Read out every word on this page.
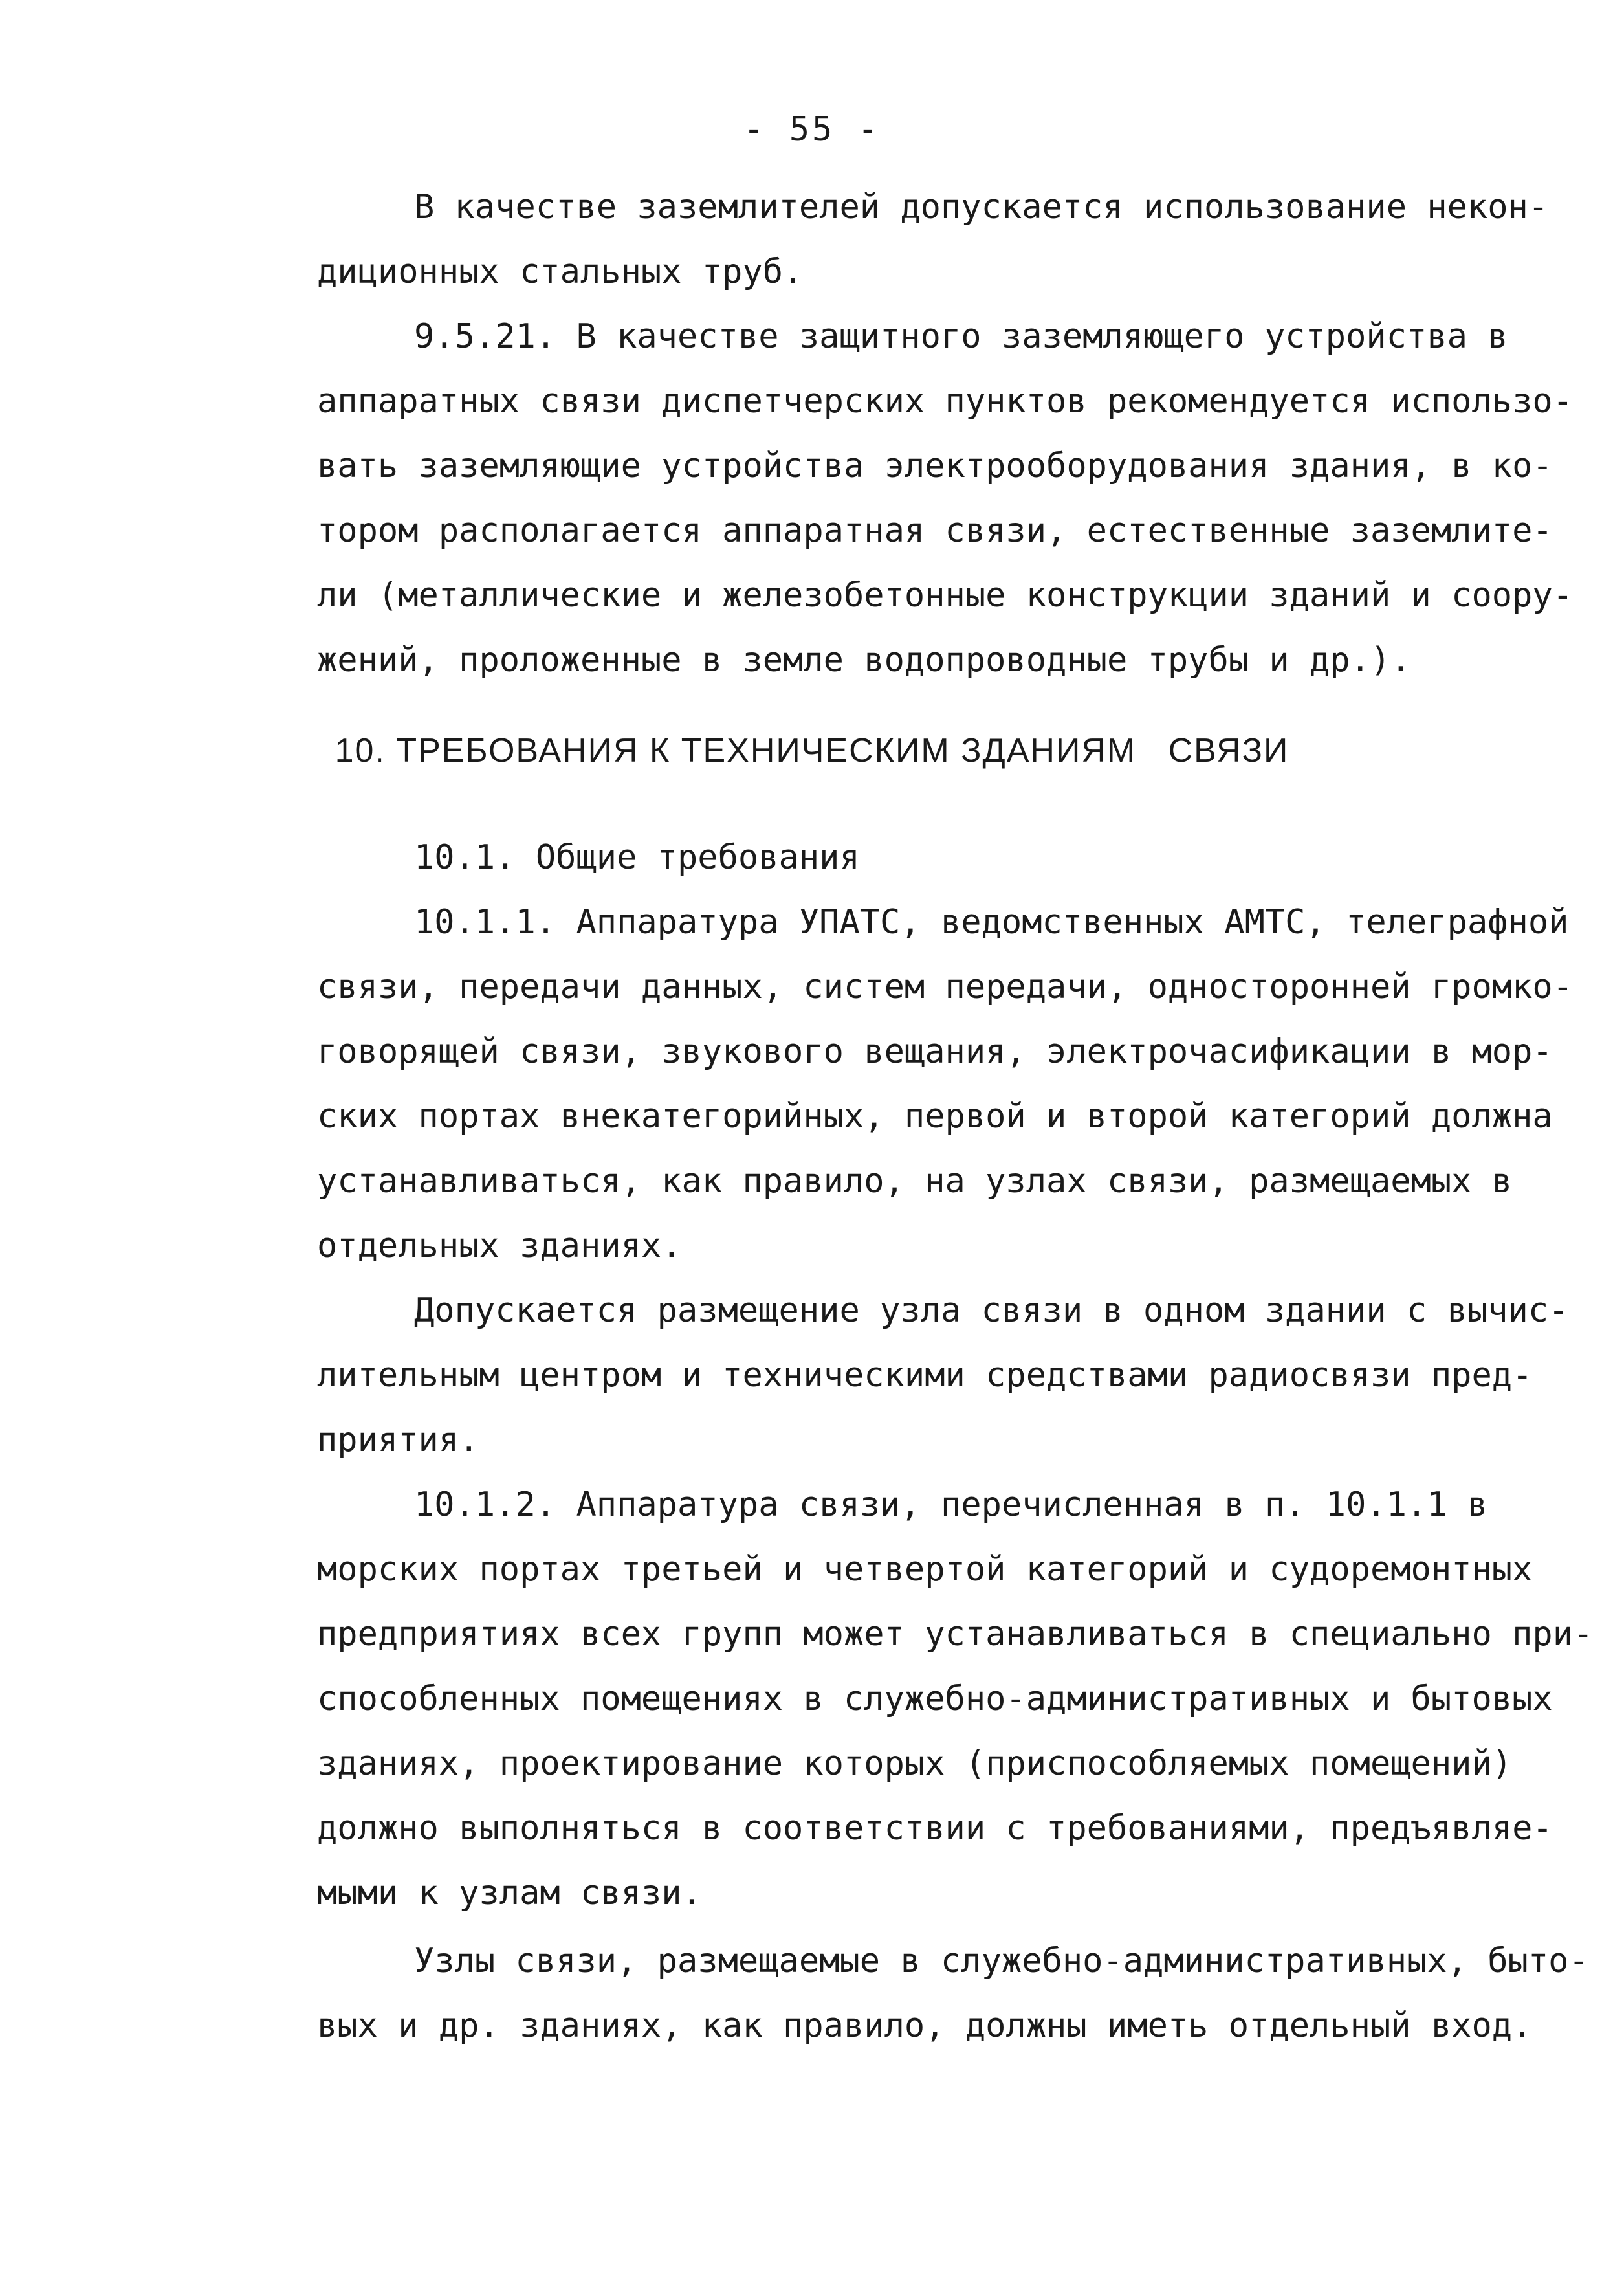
- 55 -
В качестве заземлителей допускается использование некон-
диционных стальных труб.
9.5.21. В качестве защитного заземляющего устройства в
аппаратных связи диспетчерских пунктов рекомендуется использо-
вать заземляющие устройства электрооборудования здания, в ко-
тором располагается аппаратная связи, естественные заземлите-
ли (металлические и железобетонные конструкции зданий и соору-
жений, проложенные в земле водопроводные трубы и др.).
10. ТРЕБОВАНИЯ К ТЕХНИЧЕСКИМ ЗДАНИЯМ   СВЯЗИ
10.1. Общие требования
10.1.1. Аппаратура УПАТС, ведомственных АМТС, телеграфной
связи, передачи данных, систем передачи, односторонней громко-
говорящей связи, звукового вещания, электрочасификации в мор-
ских портах внекатегорийных, первой и второй категорий должна
устанавливаться, как правило, на узлах связи, размещаемых в
отдельных зданиях.
Допускается размещение узла связи в одном здании с вычис-
лительным центром и техническими средствами радиосвязи пред-
приятия.
10.1.2. Аппаратура связи, перечисленная в п. 10.1.1 в
морских портах третьей и четвертой категорий и судоремонтных
предприятиях всех групп может устанавливаться в специально при-
способленных помещениях в служебно-административных и бытовых
зданиях, проектирование которых (приспособляемых помещений)
должно выполняться в соответствии с требованиями, предъявляе-
мыми к узлам связи.
Узлы связи, размещаемые в служебно-административных, быто-
вых и др. зданиях, как правило, должны иметь отдельный вход.
